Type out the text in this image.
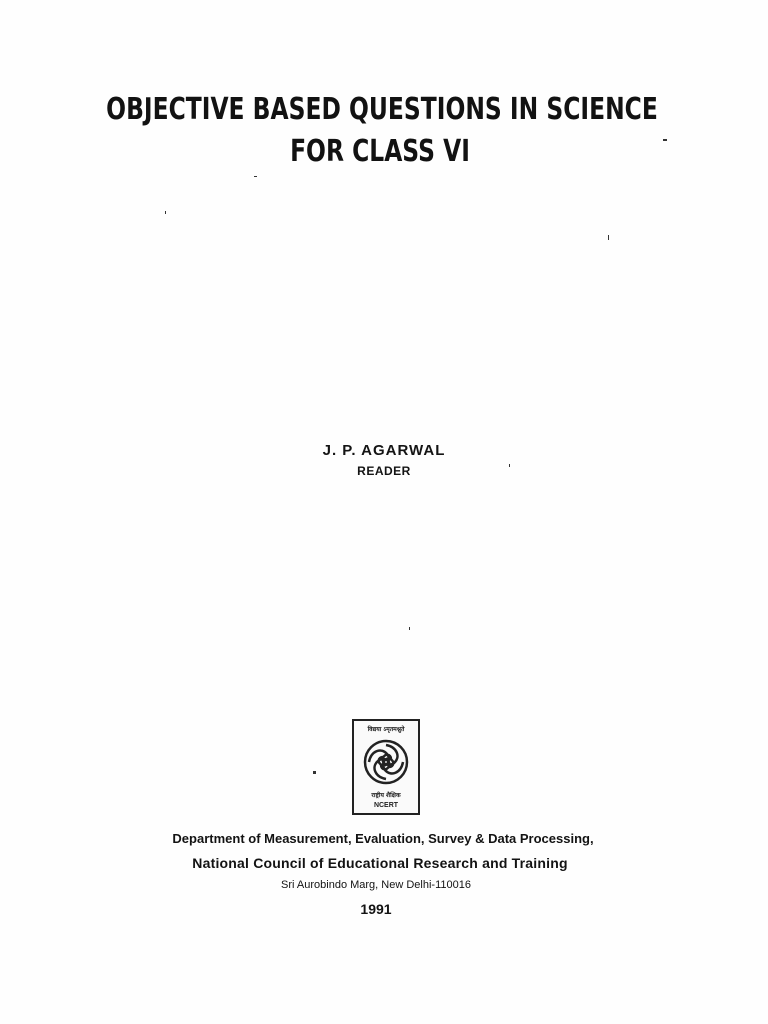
OBJECTIVE BASED QUESTIONS IN SCIENCE
FOR CLASS VI
J. P. AGARWAL
READER
विद्यया ऽमृतमश्नुते
राष्ट्रीय शैक्षिक
NCERT
Department of Measurement, Evaluation, Survey & Data Processing,
National Council of Educational Research and Training
Sri Aurobindo Marg, New Delhi-110016
1991
